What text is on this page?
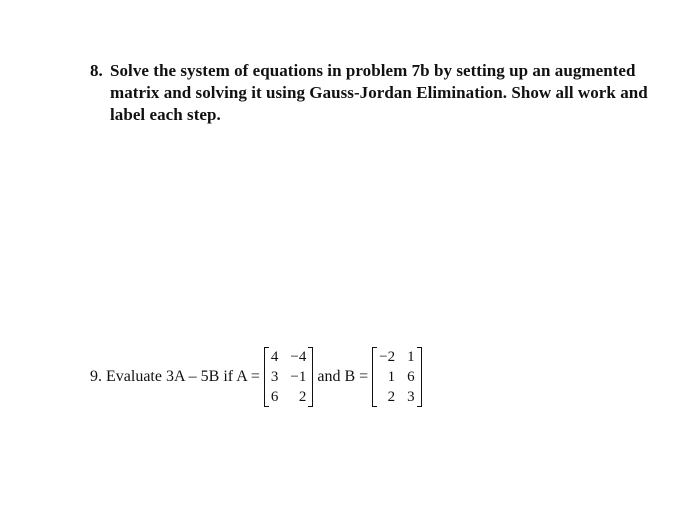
8. Solve the system of equations in problem 7b by setting up an augmented
matrix and solving it using Gauss-Jordan Elimination. Show all work and
label each step.
9. Evaluate 3A – 5B if A =
4 −4
3 −1
6	2
and B =
−2 1
1 6
2 3
